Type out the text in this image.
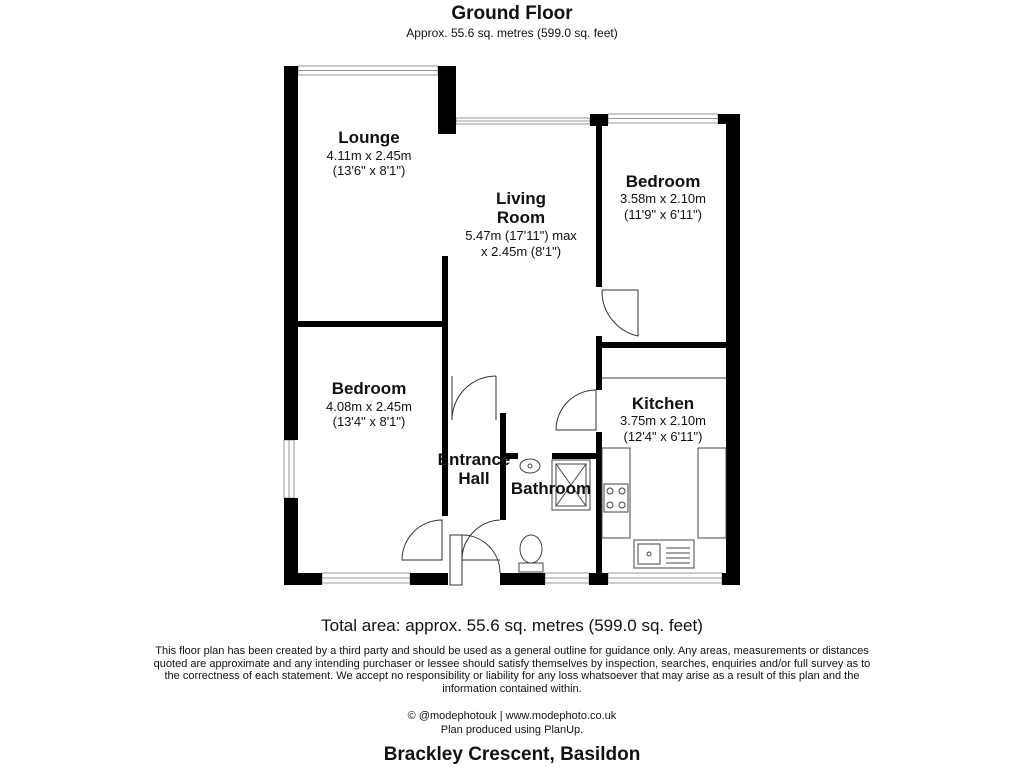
Ground Floor
Approx. 55.6 sq. metres (599.0 sq. feet)
Lounge
4.11m x 2.45m
(13'6" x 8'1")
Living
Room
5.47m (17'11") max
x 2.45m (8'1")
Bedroom
3.58m x 2.10m
(11'9" x 6'11")
Bedroom
4.08m x 2.45m
(13'4" x 8'1")
Kitchen
3.75m x 2.10m
(12'4" x 6'11")
Entrance
Hall
Bathroom
Total area: approx. 55.6 sq. metres (599.0 sq. feet)
This floor plan has been created by a third party and should be used as a general outline for guidance only. Any areas, measurements or distances quoted are approximate and any intending purchaser or lessee should satisfy themselves by inspection, searches, enquiries and/or full survey as to the correctness of each statement. We accept no responsibility or liability for any loss whatsoever that may arise as a result of this plan and the information contained within.
© @modephotouk | www.modephoto.co.uk
Plan produced using PlanUp.
Brackley Crescent, Basildon
